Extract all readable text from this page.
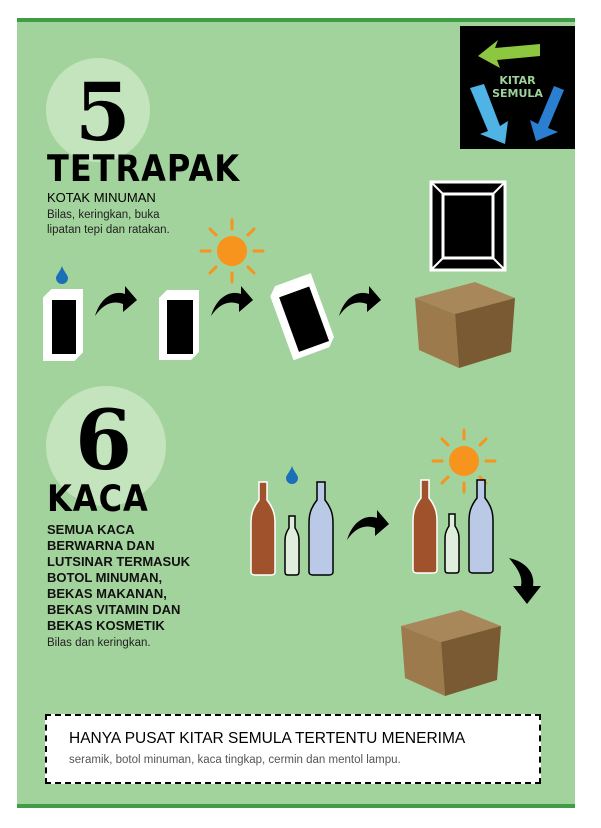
KITAR
SEMULA
5
TETRAPAK
KOTAK MINUMAN
Bilas, keringkan, buka
lipatan tepi dan ratakan.
6
KACA
SEMUA KACA
BERWARNA DAN
LUTSINAR TERMASUK
BOTOL MINUMAN,
BEKAS MAKANAN,
BEKAS VITAMIN DAN
BEKAS KOSMETIK
Bilas dan keringkan.
HANYA PUSAT KITAR SEMULA TERTENTU MENERIMA
seramik, botol minuman, kaca tingkap, cermin dan mentol lampu.
